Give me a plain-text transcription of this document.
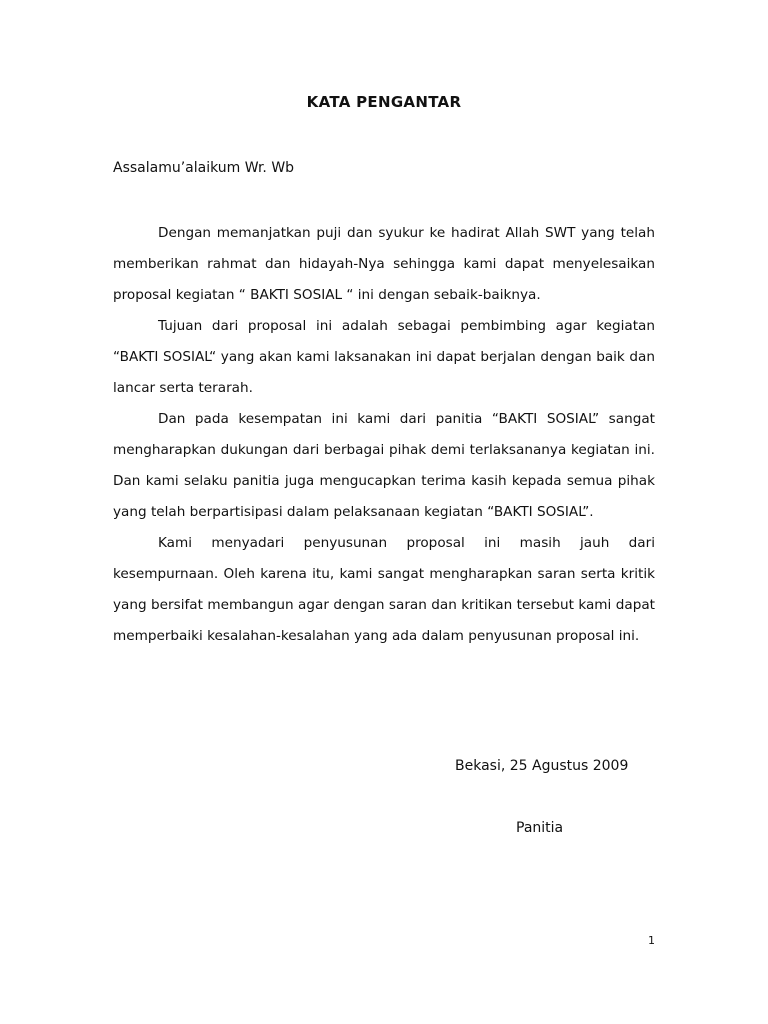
KATA PENGANTAR
Assalamu’alaikum Wr. Wb

Dengan memanjatkan puji dan syukur ke hadirat Allah SWT yang telah memberikan rahmat dan hidayah-Nya sehingga kami dapat menyelesaikan proposal kegiatan “ BAKTI SOSIAL “ ini dengan sebaik-baiknya.

Tujuan dari proposal ini adalah sebagai pembimbing agar kegiatan “BAKTI SOSIAL“ yang akan kami laksanakan ini dapat berjalan dengan baik dan lancar serta terarah.

Dan pada kesempatan ini kami dari panitia “BAKTI SOSIAL” sangat mengharapkan dukungan dari berbagai pihak demi terlaksananya kegiatan ini. Dan kami selaku panitia juga mengucapkan terima kasih kepada semua pihak yang telah berpartisipasi dalam pelaksanaan kegiatan “BAKTI SOSIAL”.

Kami menyadari penyusunan proposal ini masih jauh dari kesempurnaan. Oleh karena itu, kami sangat mengharapkan saran serta kritik yang bersifat membangun agar dengan saran dan kritikan tersebut kami dapat memperbaiki kesalahan-kesalahan yang ada dalam penyusunan proposal ini.

Bekasi, 25 Agustus 2009
Panitia
1
